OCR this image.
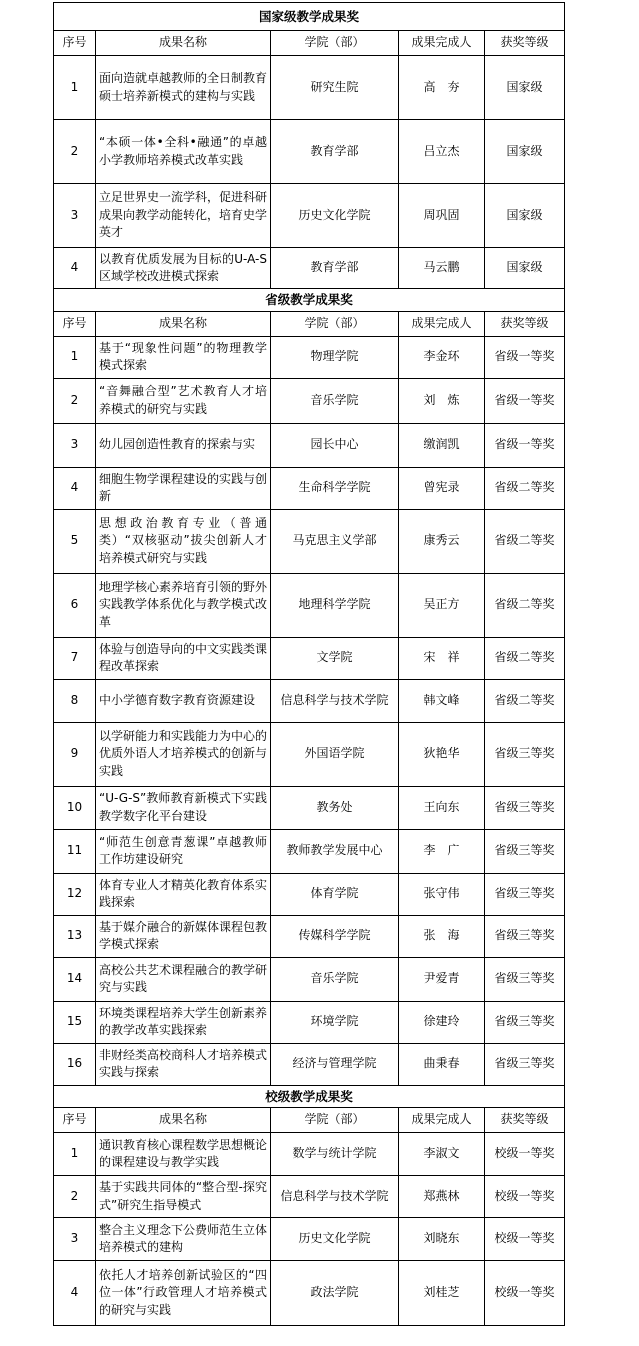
国家级教学成果奖				
序号	成果名称	学院（部）	成果完成人	获奖等级
1	面向造就卓越教师的全日制教育硕士培养新模式的建构与实践	研究生院	高　夯	国家级
2	“本硕一体•全科•融通”的卓越小学教师培养模式改革实践	教育学部	吕立杰	国家级
3	立足世界史一流学科，促进科研成果向教学动能转化，培育史学英才	历史文化学院	周巩固	国家级
4	以教育优质发展为目标的U-A-S区域学校改进模式探索	教育学部	马云鹏	国家级
省级教学成果奖				
序号	成果名称	学院（部）	成果完成人	获奖等级
1	基于“现象性问题”的物理教学模式探索	物理学院	李金环	省级一等奖
2	“音舞融合型”艺术教育人才培养模式的研究与实践	音乐学院	刘　炼	省级一等奖
3	幼儿园创造性教育的探索与实	园长中心	缴润凯	省级一等奖
4	细胞生物学课程建设的实践与创新	生命科学学院	曾宪录	省级二等奖
5	思想政治教育专业（普通类）“双核驱动”拔尖创新人才培养模式研究与实践	马克思主义学部	康秀云	省级二等奖
6	地理学核心素养培育引领的野外实践教学体系优化与教学模式改革	地理科学学院	吴正方	省级二等奖
7	体验与创造导向的中文实践类课程改革探索	文学院	宋　祥	省级二等奖
8	中小学德育数字教育资源建设	信息科学与技术学院	韩文峰	省级二等奖
9	以学研能力和实践能力为中心的优质外语人才培养模式的创新与实践	外国语学院	狄艳华	省级三等奖
10	“U-G-S”教师教育新模式下实践教学数字化平台建设	教务处	王向东	省级三等奖
11	“师范生创意青葱课”卓越教师工作坊建设研究	教师教学发展中心	李　广	省级三等奖
12	体育专业人才精英化教育体系实践探索	体育学院	张守伟	省级三等奖
13	基于媒介融合的新媒体课程包教学模式探索	传媒科学学院	张　海	省级三等奖
14	高校公共艺术课程融合的教学研究与实践	音乐学院	尹爱青	省级三等奖
15	环境类课程培养大学生创新素养的教学改革实践探索	环境学院	徐建玲	省级三等奖
16	非财经类高校商科人才培养模式实践与探索	经济与管理学院	曲秉春	省级三等奖
校级教学成果奖				
序号	成果名称	学院（部）	成果完成人	获奖等级
1	通识教育核心课程数学思想概论的课程建设与教学实践	数学与统计学院	李淑文	校级一等奖
2	基于实践共同体的“整合型-探究式”研究生指导模式	信息科学与技术学院	郑燕林	校级一等奖
3	整合主义理念下公费师范生立体培养模式的建构	历史文化学院	刘晓东	校级一等奖
4	依托人才培养创新试验区的“四位一体”行政管理人才培养模式的研究与实践	政法学院	刘桂芝	校级一等奖
